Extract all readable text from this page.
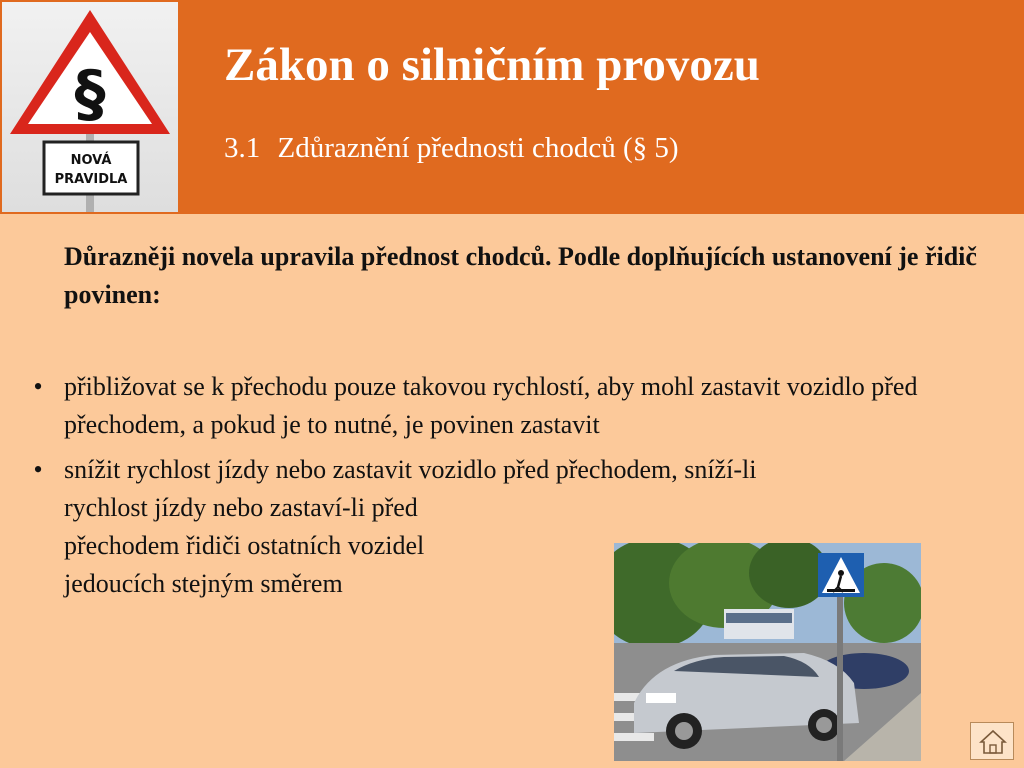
§
NOVÁ
PRAVIDLA
Zákon o silničním provozu
3.1 Zdůraznění přednosti chodců (§ 5)
Důrazněji novela upravila přednost chodců. Podle doplňujících ustanovení je řidič povinen:
• přibližovat se k přechodu pouze takovou rychlostí, aby mohl zastavit vozidlo před přechodem, a pokud je to nutné, je povinen zastavit
• snížit rychlost jízdy nebo zastavit vozidlo před přechodem, sníží-li
rychlost jízdy nebo zastaví-li před
přechodem řidiči ostatních vozidel
jedoucích stejným směrem
